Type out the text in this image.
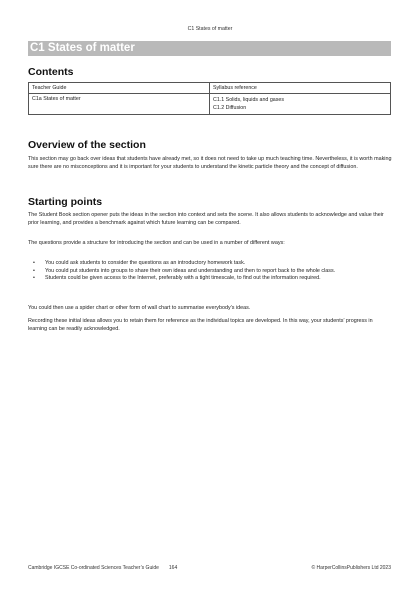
C1 States of matter
C1 States of matter
Contents
Teacher Guide	Syllabus reference
C1a States of matter	C1.1 Solids, liquids and gases
C1.2 Diffusion
Overview of the section

This section may go back over ideas that students have already met, so it does not need to take up much teaching time. Nevertheless, it is worth making sure there are no misconceptions and it is important for your students to understand the kinetic particle theory and the concept of diffusion.

Starting points

The Student Book section opener puts the ideas in the section into context and sets the scene. It also allows students to acknowledge and value their prior learning, and provides a benchmark against which future learning can be compared.

The questions provide a structure for introducing the section and can be used in a number of different ways:

• You could ask students to consider the questions as an introductory homework task.
• You could put students into groups to share their own ideas and understanding and then to report back to the whole class.
• Students could be given access to the Internet, preferably with a tight timescale, to find out the information required.

You could then use a spider chart or other form of wall chart to summarise everybody’s ideas.

Recording these initial ideas allows you to retain them for reference as the individual topics are developed. In this way, your students’ progress in learning can be readily acknowledged.

Cambridge IGCSE Co-ordinated Sciences Teacher’s Guide 164	© HarperCollinsPublishers Ltd 2023
